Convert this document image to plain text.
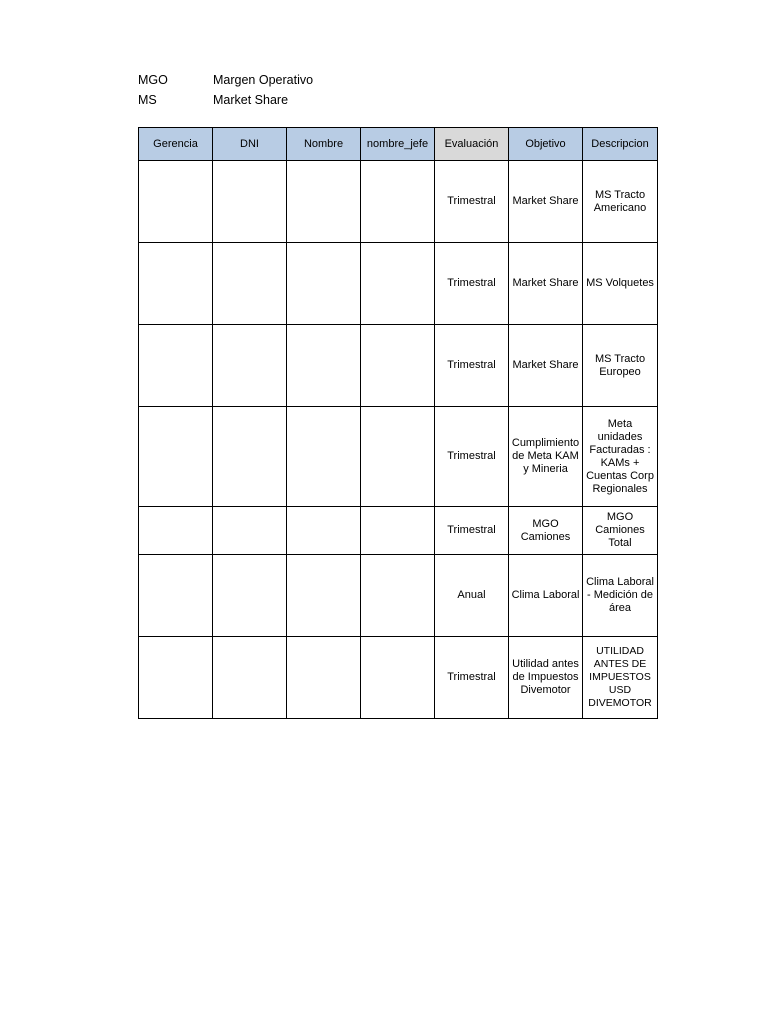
MGO	Margen Operativo
MS	Market Share
Gerencia	DNI	Nombre	nombre_jefe	Evaluación	Objetivo	Descripcion
				Trimestral	Market Share	MS Tracto Americano
				Trimestral	Market Share	MS Volquetes
				Trimestral	Market Share	MS Tracto Europeo
				Trimestral	Cumplimiento de Meta KAM y Mineria	Meta unidades Facturadas : KAMs + Cuentas Corp Regionales
				Trimestral	MGO Camiones	MGO Camiones Total
				Anual	Clima Laboral	Clima Laboral - Medición de área
				Trimestral	Utilidad antes de Impuestos Divemotor	UTILIDAD ANTES DE IMPUESTOS USD DIVEMOTOR
